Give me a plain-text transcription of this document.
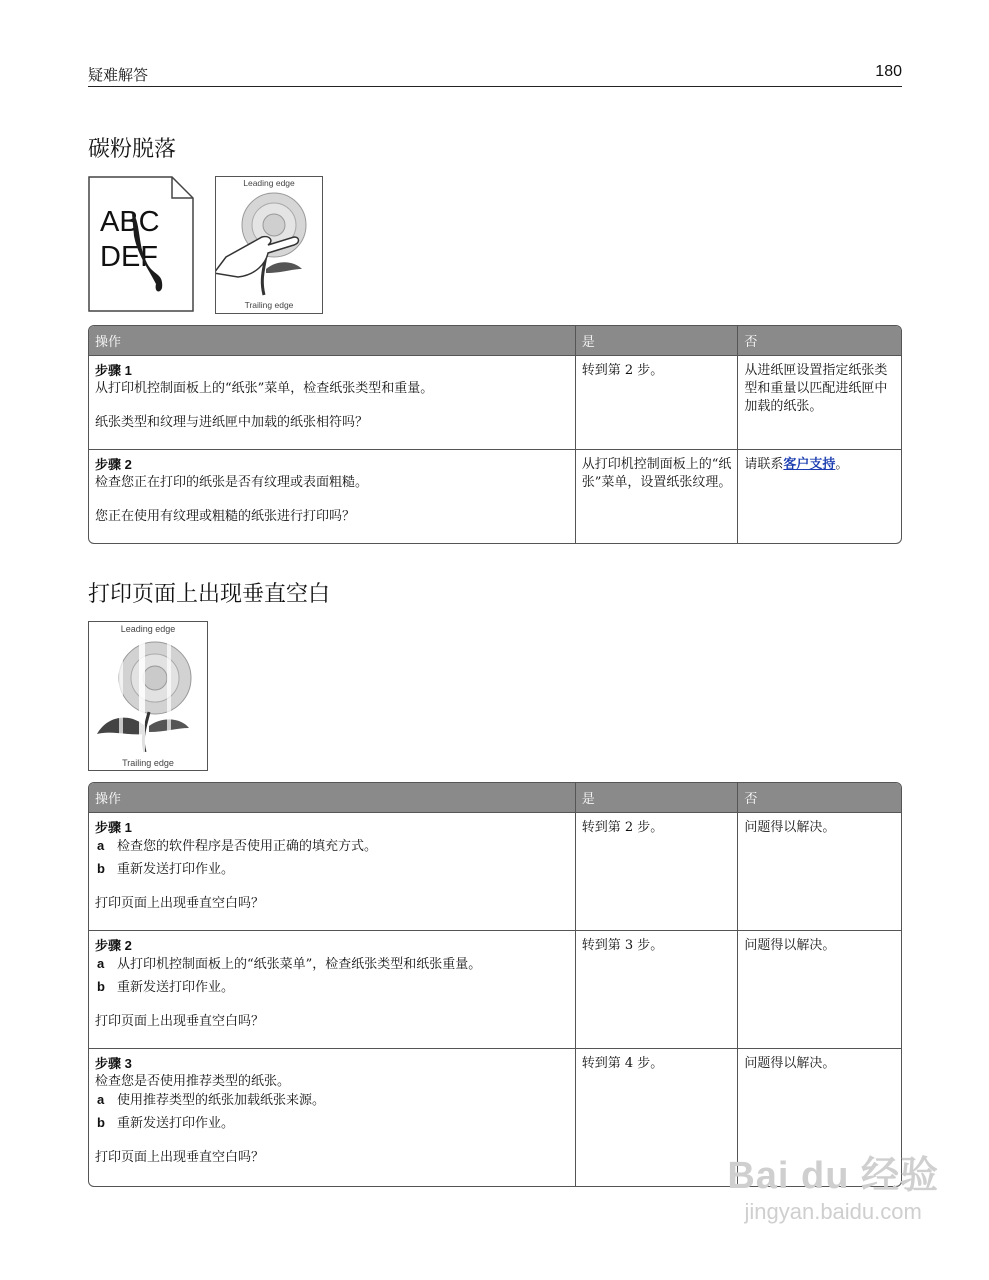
疑难解答	180
碳粉脱落
ABC
DEF
Leading edge
Trailing edge
操作	是	否

步骤 1
从打印机控制面板上的“纸张”菜单，检查纸张类型和重量。
纸张类型和纹理与进纸匣中加载的纸张相符吗？	转到第 2 步。	从进纸匣设置指定纸张类型和重量以匹配进纸匣中加载的纸张。

步骤 2
检查您正在打印的纸张是否有纹理或表面粗糙。
您正在使用有纹理或粗糙的纸张进行打印吗？	从打印机控制面板上的“纸张”菜单，设置纸张纹理。	请联系客户支持。
打印页面上出现垂直空白
Leading edge
Trailing edge
操作	是	否

步骤 1
a 检查您的软件程序是否使用正确的填充方式。
b 重新发送打印作业。
打印页面上出现垂直空白吗？	转到第 2 步。	问题得以解决。

步骤 2
a 从打印机控制面板上的“纸张菜单”，检查纸张类型和纸张重量。
b 重新发送打印作业。
打印页面上出现垂直空白吗？	转到第 3 步。	问题得以解决。

步骤 3
检查您是否使用推荐类型的纸张。
a 使用推荐类型的纸张加载纸张来源。
b 重新发送打印作业。
打印页面上出现垂直空白吗？	转到第 4 步。	问题得以解决。
Bai du 经验
jingyan.baidu.com
